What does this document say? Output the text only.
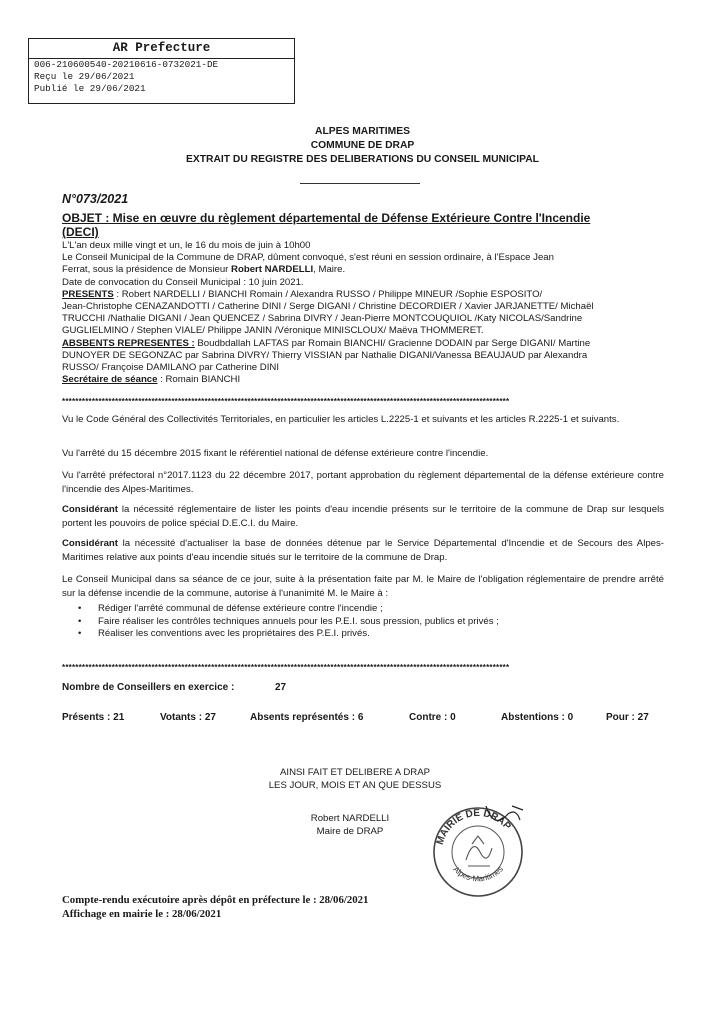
AR Prefecture
006-210600540-20210616-0732021-DE
Reçu le 29/06/2021
Publié le 29/06/2021
ALPES MARITIMES
COMMUNE DE DRAP
EXTRAIT DU REGISTRE DES DELIBERATIONS DU CONSEIL MUNICIPAL
N°073/2021
OBJET : Mise en œuvre du règlement départemental de Défense Extérieure Contre l'Incendie
(DECI)
L'L'an deux mille vingt et un, le 16 du mois de juin à 10h00
Le Conseil Municipal de la Commune de DRAP, dûment convoqué, s'est réuni en session ordinaire, à l'Espace Jean
Ferrat, sous la présidence de Monsieur Robert NARDELLI, Maire.
Date de convocation du Conseil Municipal : 10 juin 2021.
PRESENTS : Robert NARDELLI / BIANCHI Romain / Alexandra RUSSO / Philippe MINEUR /Sophie ESPOSITO/
Jean-Christophe CENAZANDOTTI / Catherine DINI / Serge DIGANI / Christine DECORDIER / Xavier JARJANETTE/ Michaël
TRUCCHI /Nathalie DIGANI / Jean QUENCEZ / Sabrina DIVRY / Jean-Pierre MONTCOUQUIOL /Katy NICOLAS/Sandrine
GUGLIELMINO / Stephen VIALE/ Philippe JANIN /Véronique MINISCLOUX/ Maëva THOMMERET.
ABSBENTS REPRESENTES : Boudbdallah LAFTAS par Romain BIANCHI/ Gracienne DODAIN par Serge DIGANI/ Martine
DUNOYER DE SEGONZAC par Sabrina DIVRY/ Thierry VISSIAN par Nathalie DIGANI/Vanessa BEAUJAUD par Alexandra
RUSSO/ Françoise DAMILANO par Catherine DINI
Secrétaire de séance : Romain BIANCHI
***************************************************************************************************************************************
Vu le Code Général des Collectivités Territoriales, en particulier les articles L.2225-1 et suivants et les articles R.2225-1 et suivants.
Vu l'arrêté du 15 décembre 2015 fixant le référentiel national de défense extérieure contre l'incendie.
Vu l'arrêté préfectoral n°2017.1123 du 22 décembre 2017, portant approbation du règlement départemental de la défense extérieure contre l'incendie des Alpes-Maritimes.
Considérant la nécessité réglementaire de lister les points d'eau incendie présents sur le territoire de la commune de Drap sur lesquels portent les pouvoirs de police spécial D.E.C.I. du Maire.
Considérant la nécessité d'actualiser la base de données détenue par le Service Départemental d'Incendie et de Secours des Alpes-Maritimes relative aux points d'eau incendie situés sur le territoire de la commune de Drap.
Le Conseil Municipal dans sa séance de ce jour, suite à la présentation faite par M. le Maire de l'obligation réglementaire de prendre arrêté sur la défense incendie de la commune, autorise à l'unanimité M. le Maire à :
•	Rédiger l'arrêté communal de défense extérieure contre l'incendie ;
•	Faire réaliser les contrôles techniques annuels pour les P.E.I. sous pression, publics et privés ;
•	Réaliser les conventions avec les propriétaires des P.E.I. privés.
***************************************************************************************************************************************
Nombre de Conseillers en exercice :	27
Présents : 21	Votants : 27	Absents représentés : 6	Contre : 0	Abstentions : 0	Pour : 27
AINSI FAIT ET DELIBERE A DRAP
LES JOUR, MOIS ET AN QUE DESSUS
Robert NARDELLI
Maire de DRAP
MAIRIE DE DRAP
Alpes-Maritimes
Compte-rendu exécutoire après dépôt en préfecture le : 28/06/2021
Affichage en mairie le : 28/06/2021
